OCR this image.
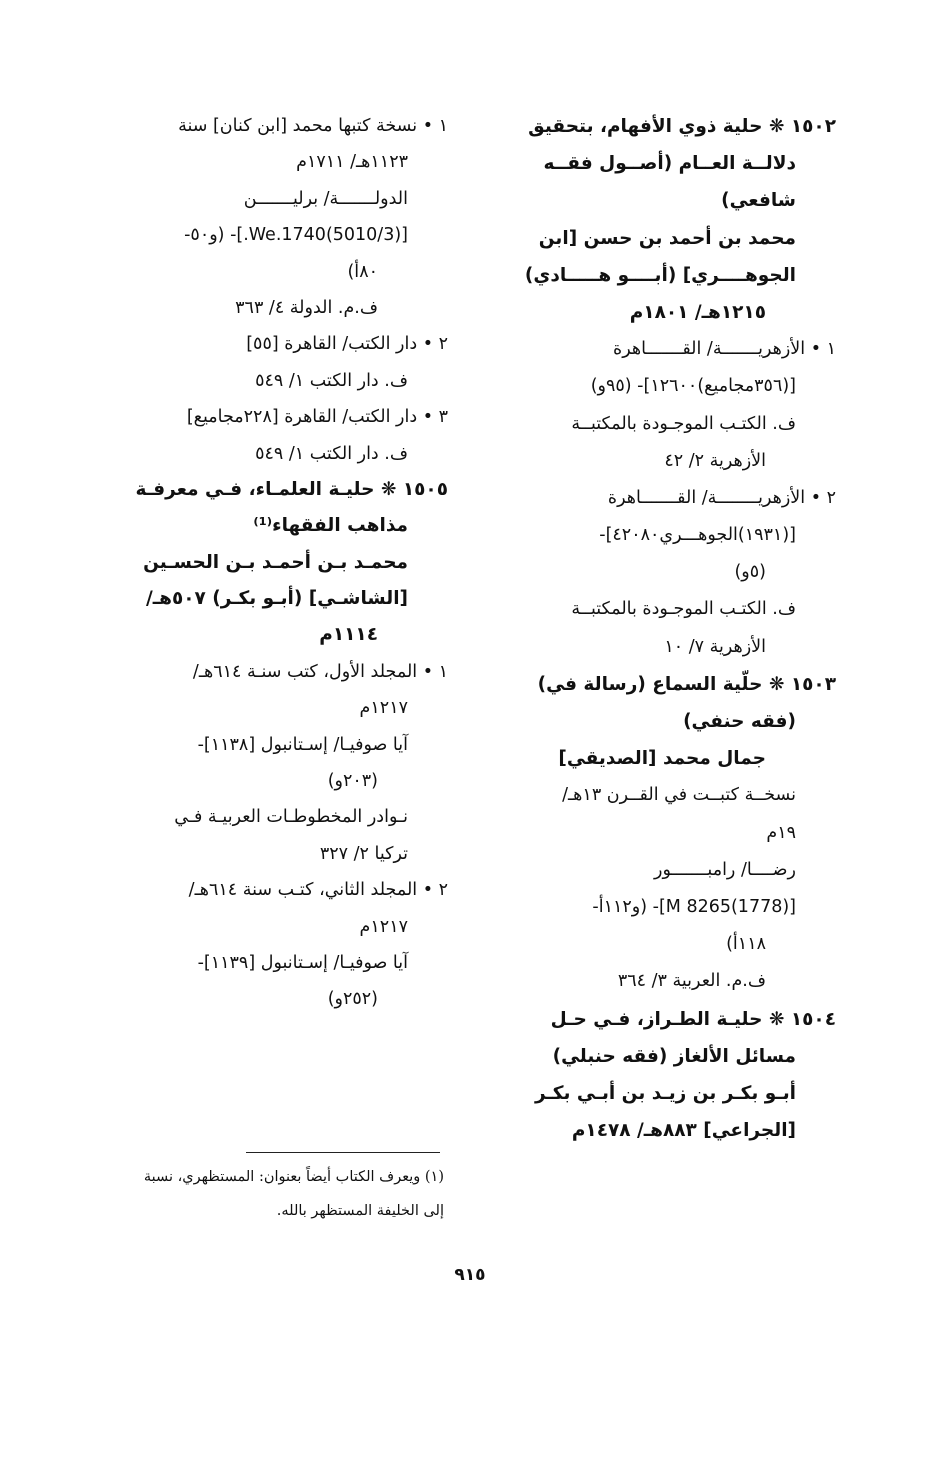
١٥٠٢ ❋ حلية ذوي الأفهام، بتحقيق
دلالــة العــام (أصــول فقــه
شافعي)
محمد بن أحمد بن حسن [ابن
الجوهــــري] (أبــــو هـــــادي)
١٢١٥هـ/ ١٨٠١م
١ • الأزهريـــــــة/ القـــــــاهرة
[(٣٥٦مجاميع)١٢٦٠٠]- (٩٥و)
ف. الكتـب الموجـودة بالمكتبــة
الأزهرية ٢/ ٤٢
٢ • الأزهريــــــــة/ القـــــــاهرة
[(١٩٣١)الجوهـــري٤٢٠٨٠]-
(٥و)
ف. الكتـب الموجـودة بالمكتبــة
الأزهرية ٧/ ١٠
١٥٠٣ ❋ حلّية السماع (رسالة في)
(فقه حنفي)
جمال محمد [الصديقي]
نسخــة كتبــت في القــرن ١٣هـ/
١٩م
رضــــا/ رامبـــــــور
[M 8265(1778)]- (و١١٢أ-
١١٨أ)
ف.م. العربية ٣/ ٣٦٤
١٥٠٤ ❋ حليـة الطـراز، فـي حـل
مسائل الألغاز (فقه حنبلي)
أبـو بكـر بن زيـد بن أبـي بكـر
[الجراعي] ٨٨٣هـ/ ١٤٧٨م
١ • نسخة كتبها محمد [ابن كنان] سنة
١١٢٣هـ/ ١٧١١م
الدولـــــــة/ برليـــــــن
[(5010/3)We.1740.]- (و٥٠-
٨٠أ)
ف.م. الدولة ٤/ ٣٦٣
٢ • دار الكتب/ القاهرة [٥٥]
ف. دار الكتب ١/ ٥٤٩
٣ • دار الكتب/ القاهرة [٢٢٨مجاميع]
ف. دار الكتب ١/ ٥٤٩
١٥٠٥ ❋ حليـة العلمـاء، فـي معرفـة
مذاهب الفقهاء⁽¹⁾
محمـد بـن أحمـد بـن الحسـين
[الشاشـي] (أبـو بكـر) ٥٠٧هـ/
١١١٤م
١ • المجلد الأول، كتب سنـة ٦١٤هـ/
١٢١٧م
آيا صوفيـا/ إسـتانبول [١١٣٨]-
(٢٠٣و)
نـوادر المخطوطـات العربيـة فـي
تركيا ٢/ ٣٢٧
٢ • المجلد الثاني، كتـب سنة ٦١٤هـ/
١٢١٧م
آيا صوفيـا/ إسـتانبول [١١٣٩]-
(٢٥٢و)
(١) ويعرف الكتاب أيضاً بعنوان: المستظهري، نسبة
إلى الخليفة المستظهر بالله.
٩١٥
